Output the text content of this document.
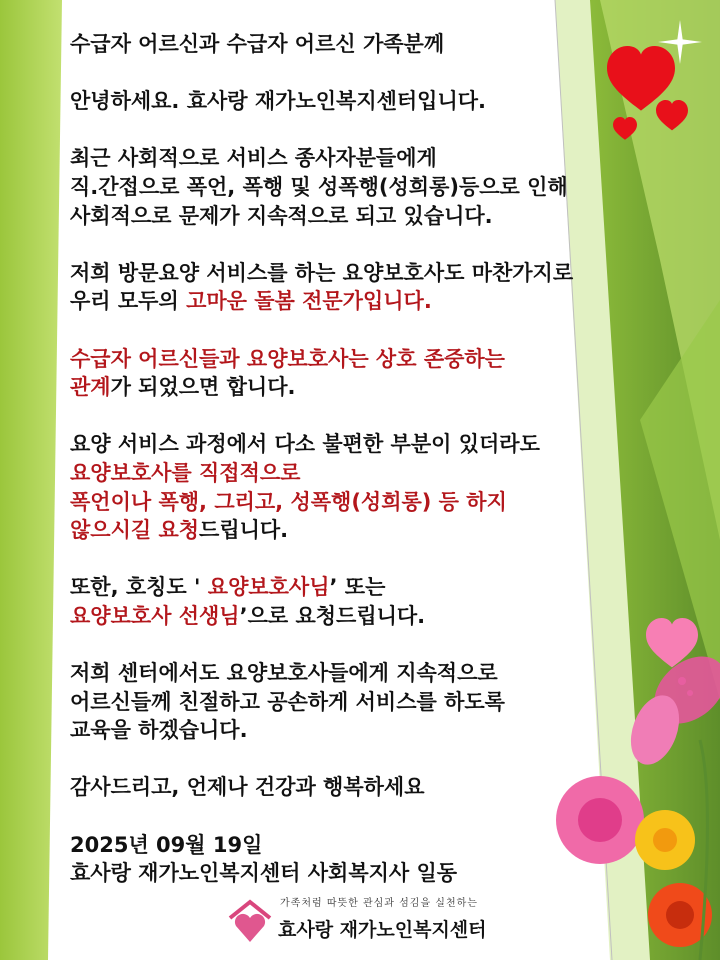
수급자 어르신과 수급자 어르신 가족분께
안녕하세요. 효사랑 재가노인복지센터입니다.
최근 사회적으로 서비스 종사자분들에게
직.간접으로 폭언, 폭행 및 성폭행(성희롱)등으로 인해
사회적으로 문제가 지속적으로 되고 있습니다.
저희 방문요양 서비스를 하는 요양보호사도 마찬가지로
우리 모두의 고마운 돌봄 전문가입니다.
수급자 어르신들과 요양보호사는 상호 존중하는
관계가 되었으면 합니다.
요양 서비스 과정에서 다소 불편한 부분이 있더라도
요양보호사를 직접적으로
폭언이나 폭행, 그리고, 성폭행(성희롱) 등 하지
않으시길 요청드립니다.
또한, 호칭도 ' 요양보호사님’ 또는
요양보호사 선생님’으로 요청드립니다.
저희 센터에서도 요양보호사들에게 지속적으로
어르신들께 친절하고 공손하게 서비스를 하도록
교육을 하겠습니다.
감사드리고, 언제나 건강과 행복하세요
2025년 09월 19일
효사랑 재가노인복지센터 사회복지사 일동
가족처럼 따뜻한 관심과 섬김을 실천하는
효사랑 재가노인복지센터
